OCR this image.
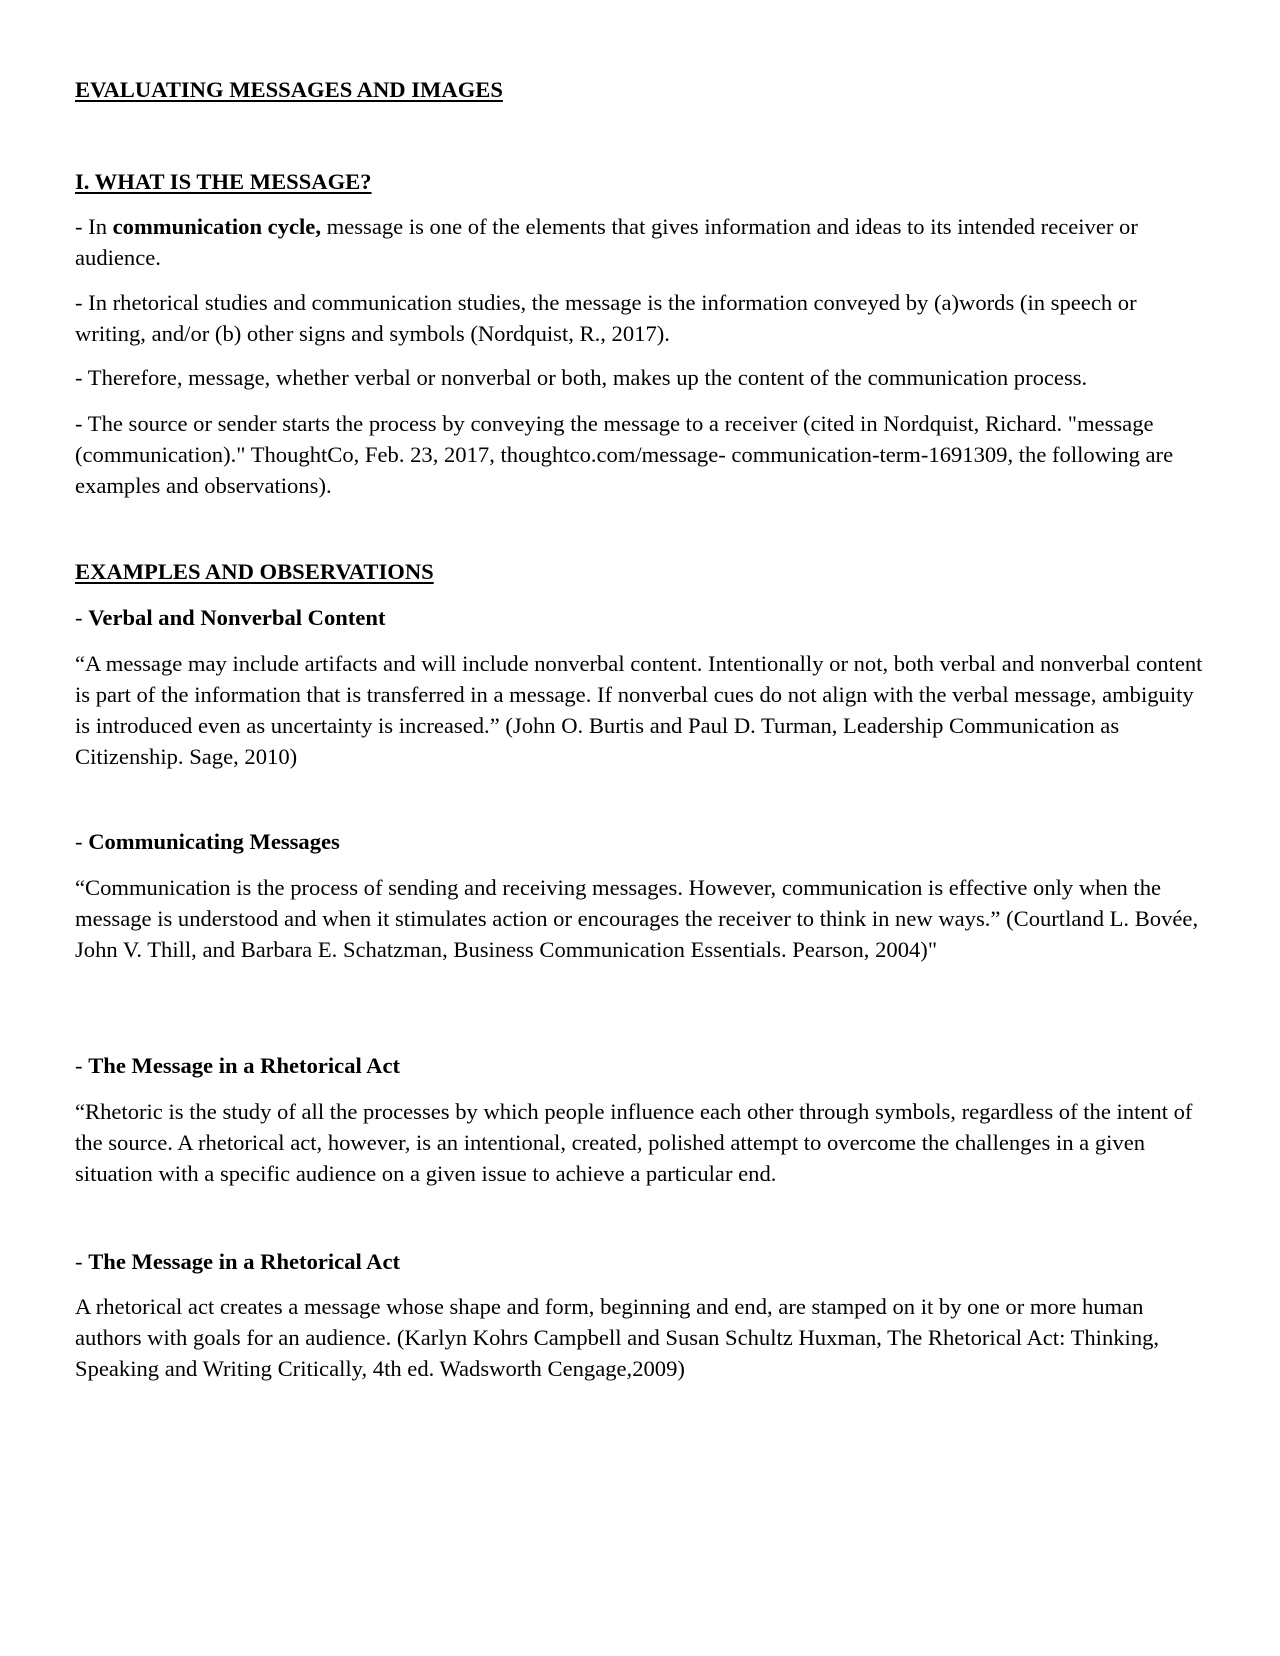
EVALUATING MESSAGES AND IMAGES
I. WHAT IS THE MESSAGE?
- In communication cycle, message is one of the elements that gives information and ideas to its intended receiver or audience.
- In rhetorical studies and communication studies, the message is the information conveyed by (a)words (in speech or writing, and/or (b) other signs and symbols (Nordquist, R., 2017).
- Therefore, message, whether verbal or nonverbal or both, makes up the content of the communication process.
- The source or sender starts the process by conveying the message to a receiver (cited in Nordquist, Richard. "message (communication)." ThoughtCo, Feb. 23, 2017, thoughtco.com/message- communication-term-1691309, the following are examples and observations).
EXAMPLES AND OBSERVATIONS
- Verbal and Nonverbal Content
“A message may include artifacts and will include nonverbal content. Intentionally or not, both verbal and nonverbal content is part of the information that is transferred in a message. If nonverbal cues do not align with the verbal message, ambiguity is introduced even as uncertainty is increased.” (John O. Burtis and Paul D. Turman, Leadership Communication as Citizenship. Sage, 2010)
- Communicating Messages
“Communication is the process of sending and receiving messages. However, communication is effective only when the message is understood and when it stimulates action or encourages the receiver to think in new ways.” (Courtland L. Bovée, John V. Thill, and Barbara E. Schatzman, Business Communication Essentials. Pearson, 2004)"
- The Message in a Rhetorical Act
“Rhetoric is the study of all the processes by which people influence each other through symbols, regardless of the intent of the source. A rhetorical act, however, is an intentional, created, polished attempt to overcome the challenges in a given situation with a specific audience on a given issue to achieve a particular end.
- The Message in a Rhetorical Act
A rhetorical act creates a message whose shape and form, beginning and end, are stamped on it by one or more human authors with goals for an audience. (Karlyn Kohrs Campbell and Susan Schultz Huxman, The Rhetorical Act: Thinking, Speaking and Writing Critically, 4th ed. Wadsworth Cengage,2009)
